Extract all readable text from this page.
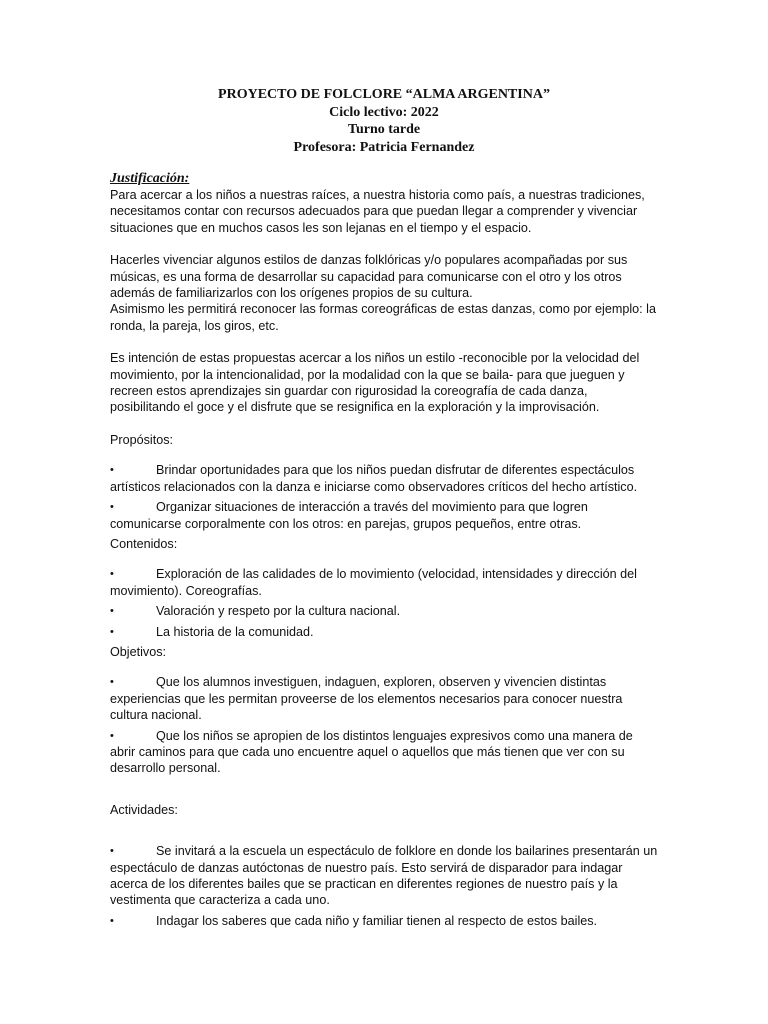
PROYECTO DE FOLCLORE “ALMA ARGENTINA”
Ciclo lectivo: 2022
Turno tarde
Profesora: Patricia Fernandez
Justificación:

Para acercar a los niños a nuestras raíces, a nuestra historia como país, a nuestras tradiciones, necesitamos contar con recursos adecuados para que puedan llegar a comprender y vivenciar situaciones que en muchos casos les son lejanas en el tiempo y el espacio.

Hacerles vivenciar algunos estilos de danzas folklóricas y/o populares acompañadas por sus músicas, es una forma de desarrollar su capacidad para comunicarse con el otro y los otros además de familiarizarlos con los orígenes propios de su cultura.

Asimismo les permitirá reconocer las formas coreográficas de estas danzas, como por ejemplo: la ronda, la pareja, los giros, etc.

Es intención de estas propuestas acercar a los niños un estilo -reconocible por la velocidad del movimiento, por la intencionalidad, por la modalidad con la que se baila- para que jueguen y recreen estos aprendizajes sin guardar con rigurosidad la coreografía de cada danza, posibilitando el goce y el disfrute que se resignifica en la exploración y la improvisación.

Propósitos:

•	Brindar oportunidades para que los niños puedan disfrutar de diferentes espectáculos artísticos relacionados con la danza e iniciarse como observadores críticos del hecho artístico.
•	Organizar situaciones de interacción a través del movimiento para que logren comunicarse corporalmente con los otros: en parejas, grupos pequeños, entre otras.

Contenidos:

•	Exploración de las calidades de lo movimiento (velocidad, intensidades y dirección del movimiento). Coreografías.
•	Valoración y respeto por la cultura nacional.
•	La historia de la comunidad.

Objetivos:

•	Que los alumnos investiguen, indaguen, exploren, observen y vivencien distintas experiencias que les permitan proveerse de los elementos necesarios para conocer nuestra cultura nacional.
•	Que los niños se apropien de los distintos lenguajes expresivos como una manera de abrir caminos para que cada uno encuentre aquel o aquellos que más tienen que ver con su desarrollo personal.

Actividades:

•	Se invitará a la escuela un espectáculo de folklore en donde los bailarines presentarán un espectáculo de danzas autóctonas de nuestro país. Esto servirá de disparador para indagar acerca de los diferentes bailes que se practican en diferentes regiones de nuestro país y la vestimenta que caracteriza a cada uno.
•	Indagar los saberes que cada niño y familiar tienen al respecto de estos bailes.
